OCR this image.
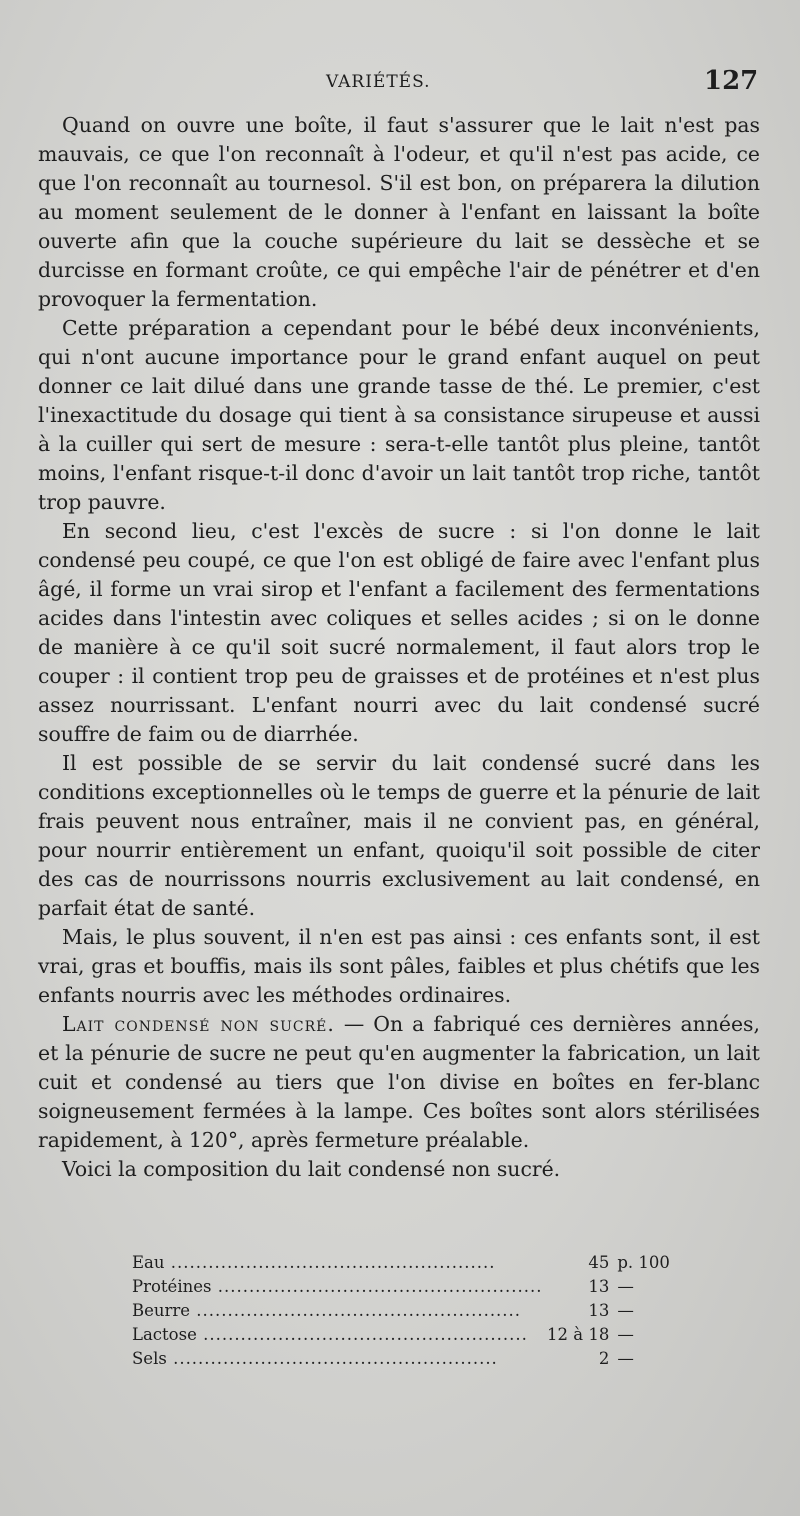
VARIÉTÉS.	127

Quand on ouvre une boîte, il faut s'assurer que le lait n'est pas mauvais, ce que l'on reconnaît à l'odeur, et qu'il n'est pas acide, ce que l'on reconnaît au tournesol. S'il est bon, on préparera la dilution au moment seulement de le donner à l'enfant en laissant la boîte ouverte afin que la couche supérieure du lait se dessèche et se durcisse en formant croûte, ce qui empêche l'air de pénétrer et d'en provoquer la fermentation.

Cette préparation a cependant pour le bébé deux inconvénients, qui n'ont aucune importance pour le grand enfant auquel on peut donner ce lait dilué dans une grande tasse de thé. Le premier, c'est l'inexactitude du dosage qui tient à sa consistance sirupeuse et aussi à la cuiller qui sert de mesure : sera-t-elle tantôt plus pleine, tantôt moins, l'enfant risque-t-il donc d'avoir un lait tantôt trop riche, tantôt trop pauvre.

En second lieu, c'est l'excès de sucre : si l'on donne le lait condensé peu coupé, ce que l'on est obligé de faire avec l'enfant plus âgé, il forme un vrai sirop et l'enfant a facilement des fermentations acides dans l'intestin avec coliques et selles acides ; si on le donne de manière à ce qu'il soit sucré normalement, il faut alors trop le couper : il contient trop peu de graisses et de protéines et n'est plus assez nourrissant. L'enfant nourri avec du lait condensé sucré souffre de faim ou de diarrhée.

Il est possible de se servir du lait condensé sucré dans les conditions exceptionnelles où le temps de guerre et la pénurie de lait frais peuvent nous entraîner, mais il ne convient pas, en général, pour nourrir entièrement un enfant, quoiqu'il soit possible de citer des cas de nourrissons nourris exclusivement au lait condensé, en parfait état de santé.

Mais, le plus souvent, il n'en est pas ainsi : ces enfants sont, il est vrai, gras et bouffis, mais ils sont pâles, faibles et plus chétifs que les enfants nourris avec les méthodes ordinaires.

Lait condensé non sucré. — On a fabriqué ces dernières années, et la pénurie de sucre ne peut qu'en augmenter la fabrication, un lait cuit et condensé au tiers que l'on divise en boîtes en fer-blanc soigneusement fermées à la lampe. Ces boîtes sont alors stérilisées rapidement, à 120°, après fermeture préalable.

Voici la composition du lait condensé non sucré.

Eau .....	45	p. 100
Protéines .....	13	—
Beurre .....	13	—
Lactose .....	12 à 18	—
Sels .....	2	—
